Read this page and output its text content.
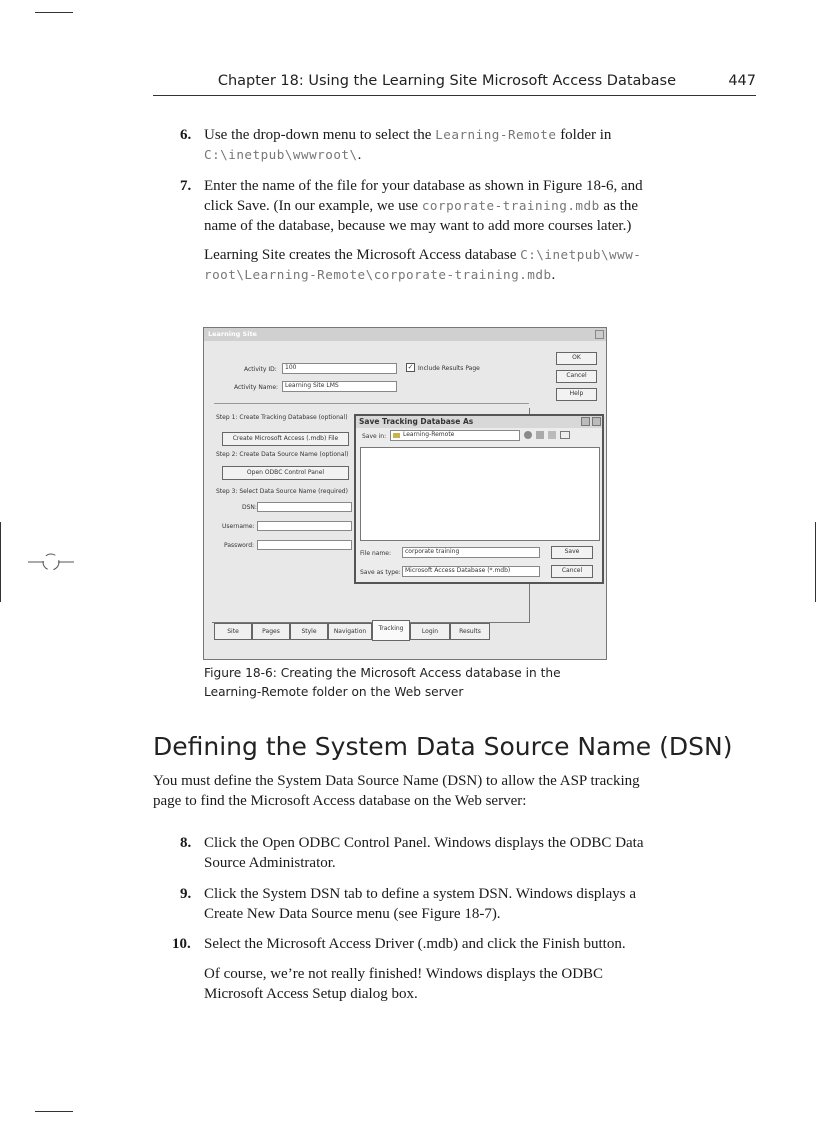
Chapter 18: Using the Learning Site Microsoft Access Database	447
6. Use the drop-down menu to select the Learning-Remote folder in
C:\inetpub\wwwroot\.
7. Enter the name of the file for your database as shown in Figure 18-6, and
click Save. (In our example, we use corporate-training.mdb as the
name of the database, because we may want to add more courses later.)
Learning Site creates the Microsoft Access database C:\inetpub\www-
root\Learning-Remote\corporate-training.mdb.
Learning Site
Activity ID:	100	✓ Include Results Page
Activity Name:	Learning Site LMS
OK
Cancel
Help
Step 1: Create Tracking Database (optional)
Create Microsoft Access (.mdb) File
Step 2: Create Data Source Name (optional)
Open ODBC Control Panel
Step 3: Select Data Source Name (required)
DSN:
Username:
Password:
Save Tracking Database As
Save in:	Learning-Remote
File name:	corporate training
Save as type: Microsoft Access Database (*.mdb)
Save
Cancel
Site	Pages	Style	Navigation	Tracking	Login	Results
Figure 18-6: Creating the Microsoft Access database in the
Learning-Remote folder on the Web server
Defining the System Data Source Name (DSN)
You must define the System Data Source Name (DSN) to allow the ASP tracking
page to find the Microsoft Access database on the Web server:
8. Click the Open ODBC Control Panel. Windows displays the ODBC Data
Source Administrator.
9. Click the System DSN tab to define a system DSN. Windows displays a
Create New Data Source menu (see Figure 18-7).
10. Select the Microsoft Access Driver (.mdb) and click the Finish button.
Of course, we’re not really finished! Windows displays the ODBC
Microsoft Access Setup dialog box.
